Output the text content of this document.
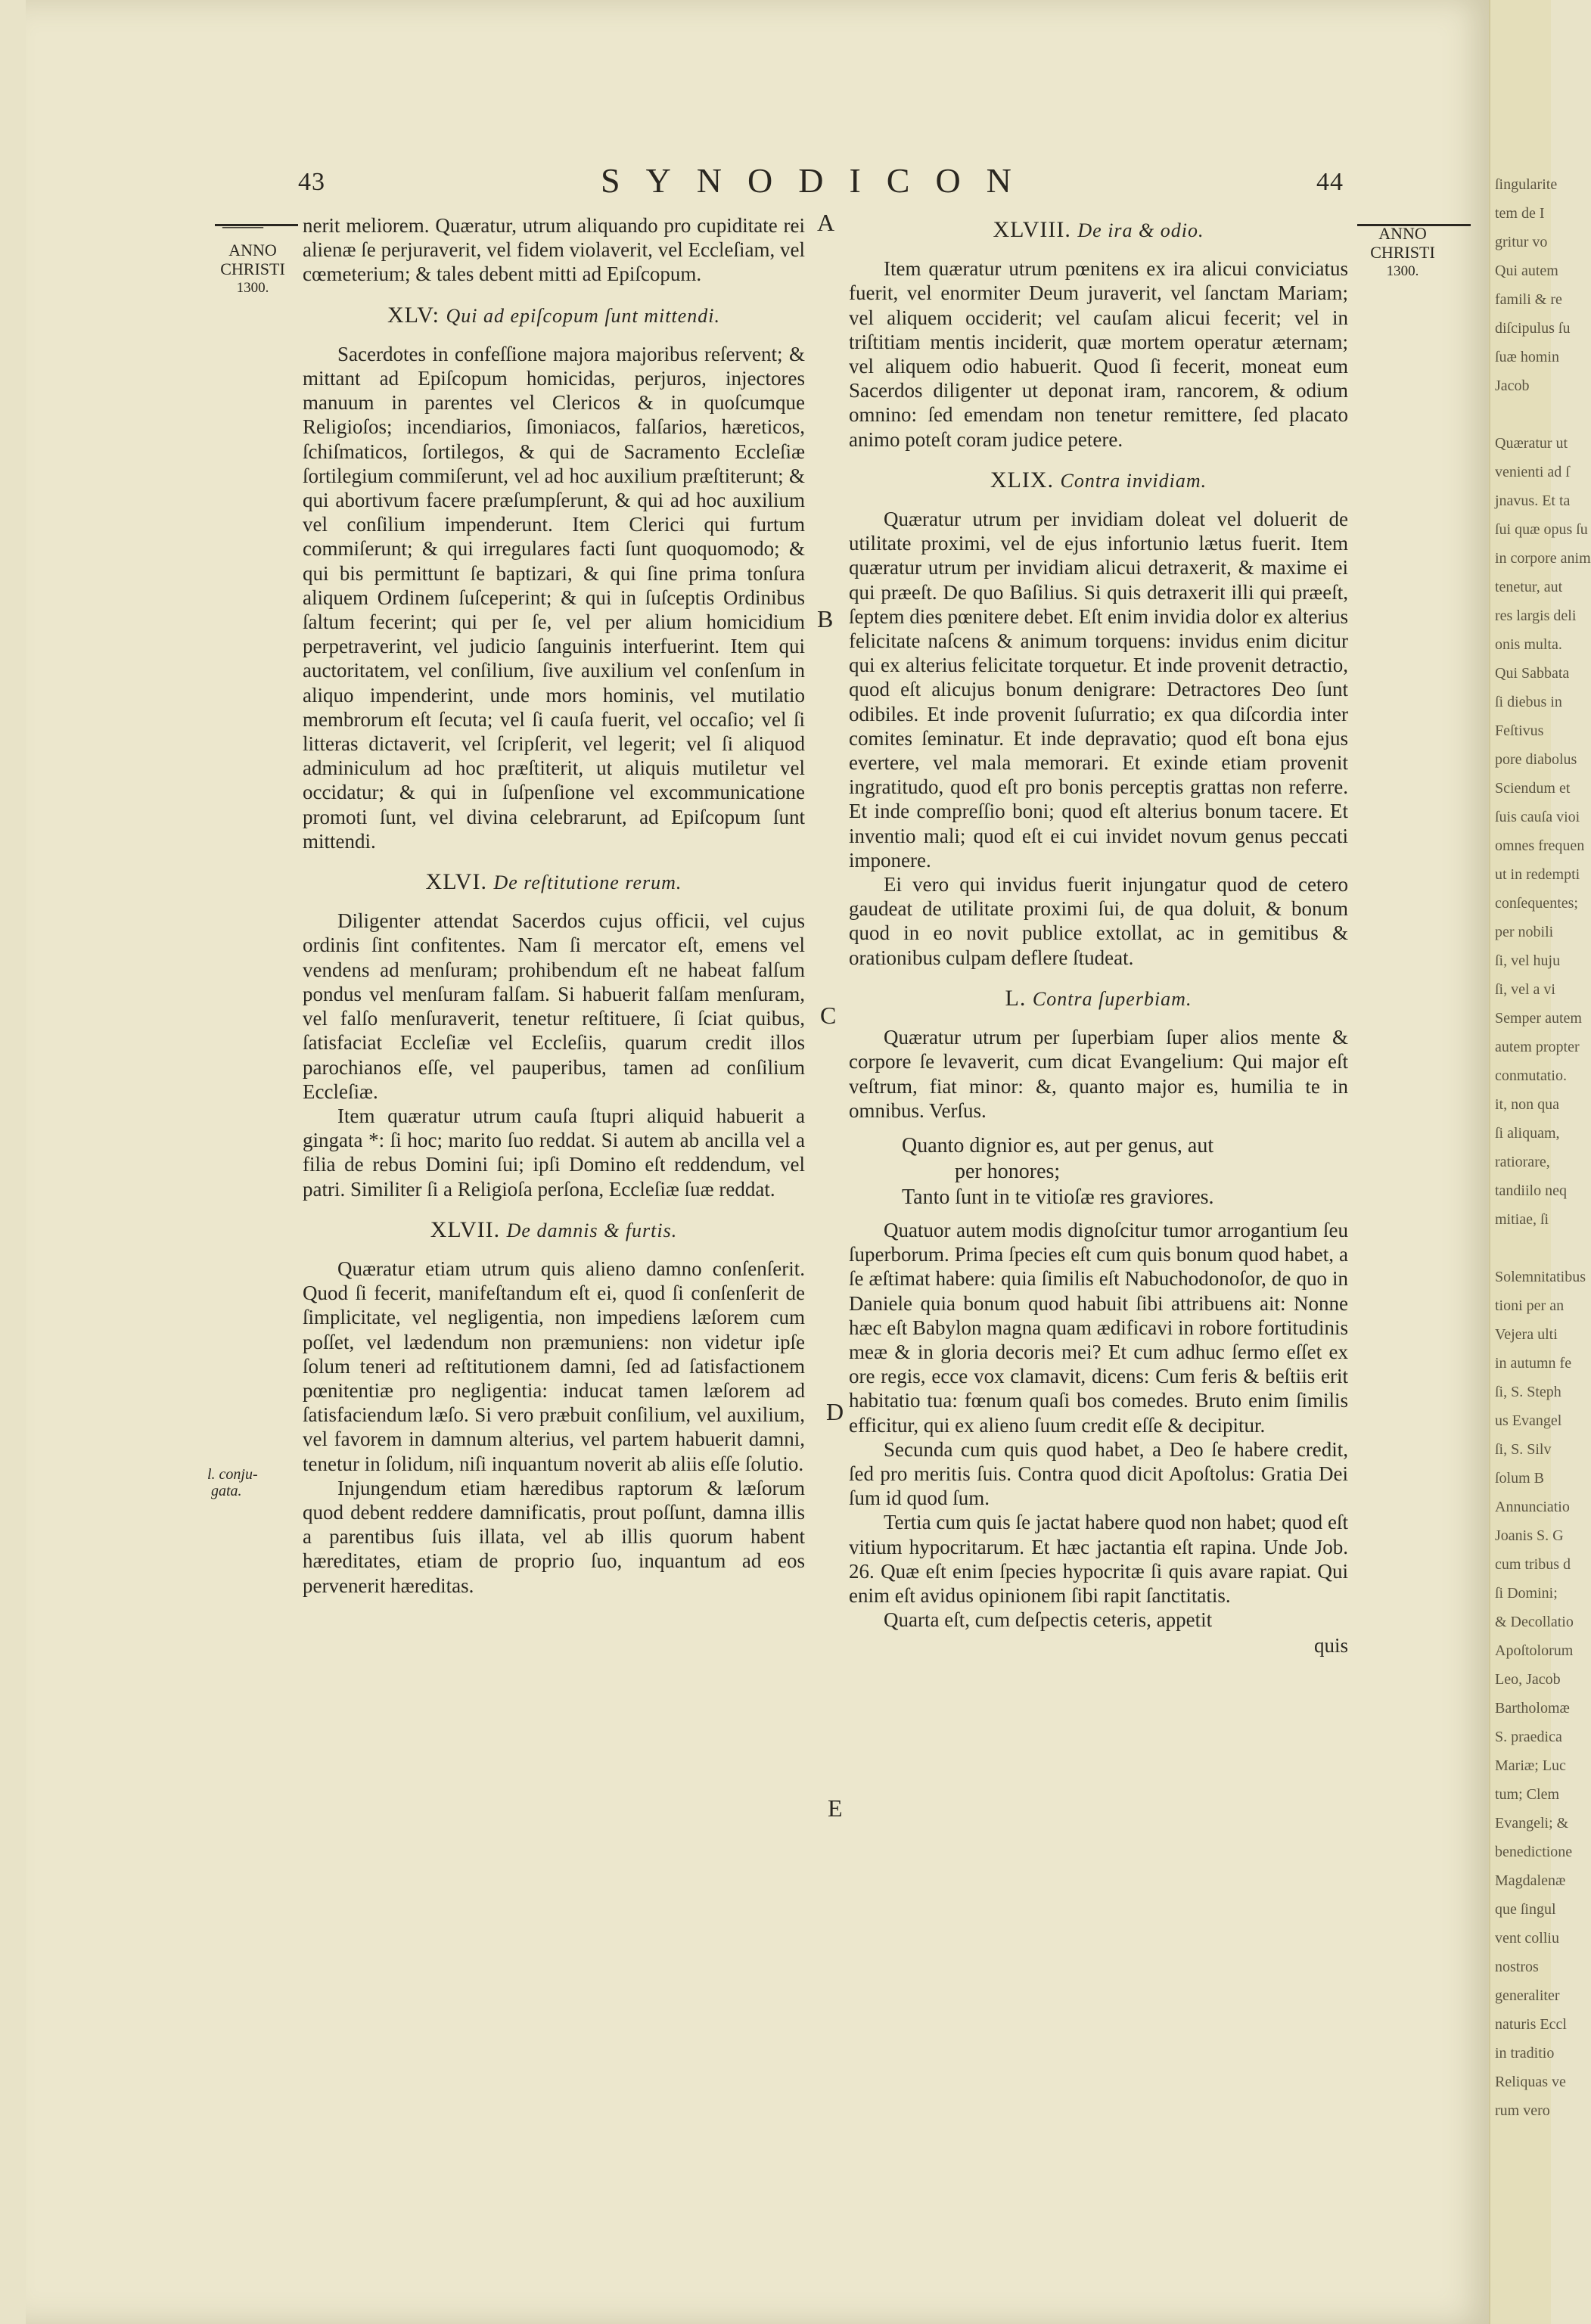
43	SYNODICON	44
ANNO
CHRISTI
1300.
ANNO
CHRISTI
1300.
l. conju-
gata.
A
B
C
D
E

—— nerit meliorem. Quæratur, utrum aliquando pro cupiditate rei alienæ ſe perjuraverit, vel fidem violaverit, vel Eccleſiam, vel cœmeterium; & tales debent mitti ad Epiſcopum.

XLV: Qui ad epiſcopum ſunt mittendi.

Sacerdotes in confeſſione majora majoribus reſervent; & mittant ad Epiſcopum homicidas, perjuros, injectores manuum in parentes vel Clericos & in quoſcumque Religioſos; incendiarios, ſimoniacos, falſarios, hæreticos, ſchiſmaticos, ſortilegos, & qui de Sacramento Eccleſiæ ſortilegium commiſerunt, vel ad hoc auxilium præſtiterunt; & qui abortivum facere præſumpſerunt, & qui ad hoc auxilium vel conſilium impenderunt. Item Clerici qui furtum commiſerunt; & qui irregulares facti ſunt quoquomodo; & qui bis permittunt ſe baptizari, & qui ſine prima tonſura aliquem Ordinem ſuſceperint; & qui in ſuſceptis Ordinibus ſaltum fecerint; qui per ſe, vel per alium homicidium perpetraverint, vel judicio ſanguinis interfuerint. Item qui auctoritatem, vel conſilium, ſive auxilium vel conſenſum in aliquo impenderint, unde mors hominis, vel mutilatio membrorum eſt ſecuta; vel ſi cauſa fuerit, vel occaſio; vel ſi litteras dictaverit, vel ſcripſerit, vel legerit; vel ſi aliquod adminiculum ad hoc præſtiterit, ut aliquis mutiletur vel occidatur; & qui in ſuſpenſione vel excommunicatione promoti ſunt, vel divina celebrarunt, ad Epiſcopum ſunt mittendi.

XLVI. De reſtitutione rerum.

Diligenter attendat Sacerdos cujus officii, vel cujus ordinis ſint confitentes. Nam ſi mercator eſt, emens vel vendens ad menſuram; prohibendum eſt ne habeat falſum pondus vel menſuram falſam. Si habuerit falſam menſuram, vel falſo menſuraverit, tenetur reſtituere, ſi ſciat quibus, ſatisfaciat Eccleſiæ vel Eccleſiis, quarum credit illos parochianos eſſe, vel pauperibus, tamen ad conſilium Eccleſiæ.

Item quæratur utrum cauſa ſtupri aliquid habuerit a gingata *: ſi hoc; marito ſuo reddat. Si autem ab ancilla vel a filia de rebus Domini ſui; ipſi Domino eſt reddendum, vel patri. Similiter ſi a Religioſa perſona, Eccleſiæ ſuæ reddat.

XLVII. De damnis & furtis.

Quæratur etiam utrum quis alieno damno conſenſerit. Quod ſi fecerit, manifeſtandum eſt ei, quod ſi conſenſerit de ſimplicitate, vel negligentia, non impediens læſorem cum poſſet, vel lædendum non præmuniens: non videtur ipſe ſolum teneri ad reſtitutionem damni, ſed ad ſatisfactionem pœnitentiæ pro negligentia: inducat tamen læſorem ad ſatisfaciendum læſo. Si vero præbuit conſilium, vel auxilium, vel favorem in damnum alterius, vel partem habuerit damni, tenetur in ſolidum, niſi inquantum noverit ab aliis eſſe ſolutio.

Injungendum etiam hæredibus raptorum & læſorum quod debent reddere damnificatis, prout poſſunt, damna illis a parentibus ſuis illata, vel ab illis quorum habent hæreditates, etiam de proprio ſuo, inquantum ad eos pervenerit hæreditas.

XLVIII. De ira & odio.

Item quæratur utrum pœnitens ex ira alicui conviciatus fuerit, vel enormiter Deum juraverit, vel ſanctam Mariam; vel aliquem occiderit; vel cauſam alicui fecerit; vel in triſtitiam mentis inciderit, quæ mortem operatur æternam; vel aliquem odio habuerit. Quod ſi fecerit, moneat eum Sacerdos diligenter ut deponat iram, rancorem, & odium omnino: ſed emendam non tenetur remittere, ſed placato animo poteſt coram judice petere.

XLIX. Contra invidiam.

Quæratur utrum per invidiam doleat vel doluerit de utilitate proximi, vel de ejus infortunio lætus fuerit. Item quæratur utrum per invidiam alicui detraxerit, & maxime ei qui præeſt. De quo Baſilius. Si quis detraxerit illi qui præeſt, ſeptem dies pœnitere debet. Eſt enim invidia dolor ex alterius felicitate naſcens & animum torquens: invidus enim dicitur qui ex alterius felicitate torquetur. Et inde provenit detractio, quod eſt alicujus bonum denigrare: Detractores Deo ſunt odibiles. Et inde provenit ſuſurratio; ex qua diſcordia inter comites ſeminatur. Et inde depravatio; quod eſt bona ejus evertere, vel mala memorari. Et exinde etiam provenit ingratitudo, quod eſt pro bonis perceptis grattas non referre. Et inde compreſſio boni; quod eſt alterius bonum tacere. Et inventio mali; quod eſt ei cui invidet novum genus peccati imponere.

Ei vero qui invidus fuerit injungatur quod de cetero gaudeat de utilitate proximi ſui, de qua doluit, & bonum quod in eo novit publice extollat, ac in gemitibus & orationibus culpam deflere ſtudeat.

L. Contra ſuperbiam.

Quæratur utrum per ſuperbiam ſuper alios mente & corpore ſe levaverit, cum dicat Evangelium: Qui major eſt veſtrum, fiat minor: &, quanto major es, humilia te in omnibus. Verſus.

Quanto dignior es, aut per genus, aut
per honores;
Tanto ſunt in te vitioſæ res graviores.

Quatuor autem modis dignoſcitur tumor arrogantium ſeu ſuperborum. Prima ſpecies eſt cum quis bonum quod habet, a ſe æſtimat habere: quia ſimilis eſt Nabuchodonoſor, de quo in Daniele quia bonum quod habuit ſibi attribuens ait: Nonne hæc eſt Babylon magna quam ædificavi in robore fortitudinis meæ & in gloria decoris mei? Et cum adhuc ſermo eſſet ex ore regis, ecce vox clamavit, dicens: Cum feris & beſtiis erit habitatio tua: fœnum quaſi bos comedes. Bruto enim ſimilis efficitur, qui ex alieno ſuum credit eſſe & decipitur.

Secunda cum quis quod habet, a Deo ſe habere credit, ſed pro meritis ſuis. Contra quod dicit Apoſtolus: Gratia Dei ſum id quod ſum.

Tertia cum quis ſe jactat habere quod non habet; quod eſt vitium hypocritarum. Et hæc jactantia eſt rapina. Unde Job. 26. Quæ eſt enim ſpecies hypocritæ ſi quis avare rapiat. Qui enim eſt avidus opinionem ſibi rapit ſanctitatis.

Quarta eſt, cum deſpectis ceteris, appetit

quis
ſingularite
tem de I
gritur vo
Qui autem
famili & re
diſcipulus ſu
ſuæ homin
Jacob
Quæratur ut
venienti ad ſ
jnavus. Et ta
ſui quæ opus ſu
in corpore anim
tenetur, aut
res largis deli
onis multa.
Qui Sabbata
ſi diebus in
Feſtivus
pore diabolus
Sciendum et
ſuis cauſa vioi
omnes frequen
ut in redempti
conſequentes;
per nobili
ſi, vel huju
ſi, vel a vi
Semper autem
autem propter
conmutatio.
it, non qua
ſi aliquam,
ratiorare,
tandiilo neq
mitiae, ſi
Solemnitatibus
tioni per an
Vejera ulti
in autumn fe
ſi, S. Steph
us Evangel
ſi, S. Silv
ſolum B
Annunciatio
Joanis S. G
cum tribus d
ſi Domini;
& Decollatio
Apoſtolorum
Leo, Jacob
Bartholomæ
S. praedica
Mariæ; Luc
tum; Clem
Evangeli; &
benedictione
Magdalenæ
que ſingul
vent colliu
nostros
generaliter
naturis Eccl
in traditio
Reliquas ve
rum vero
